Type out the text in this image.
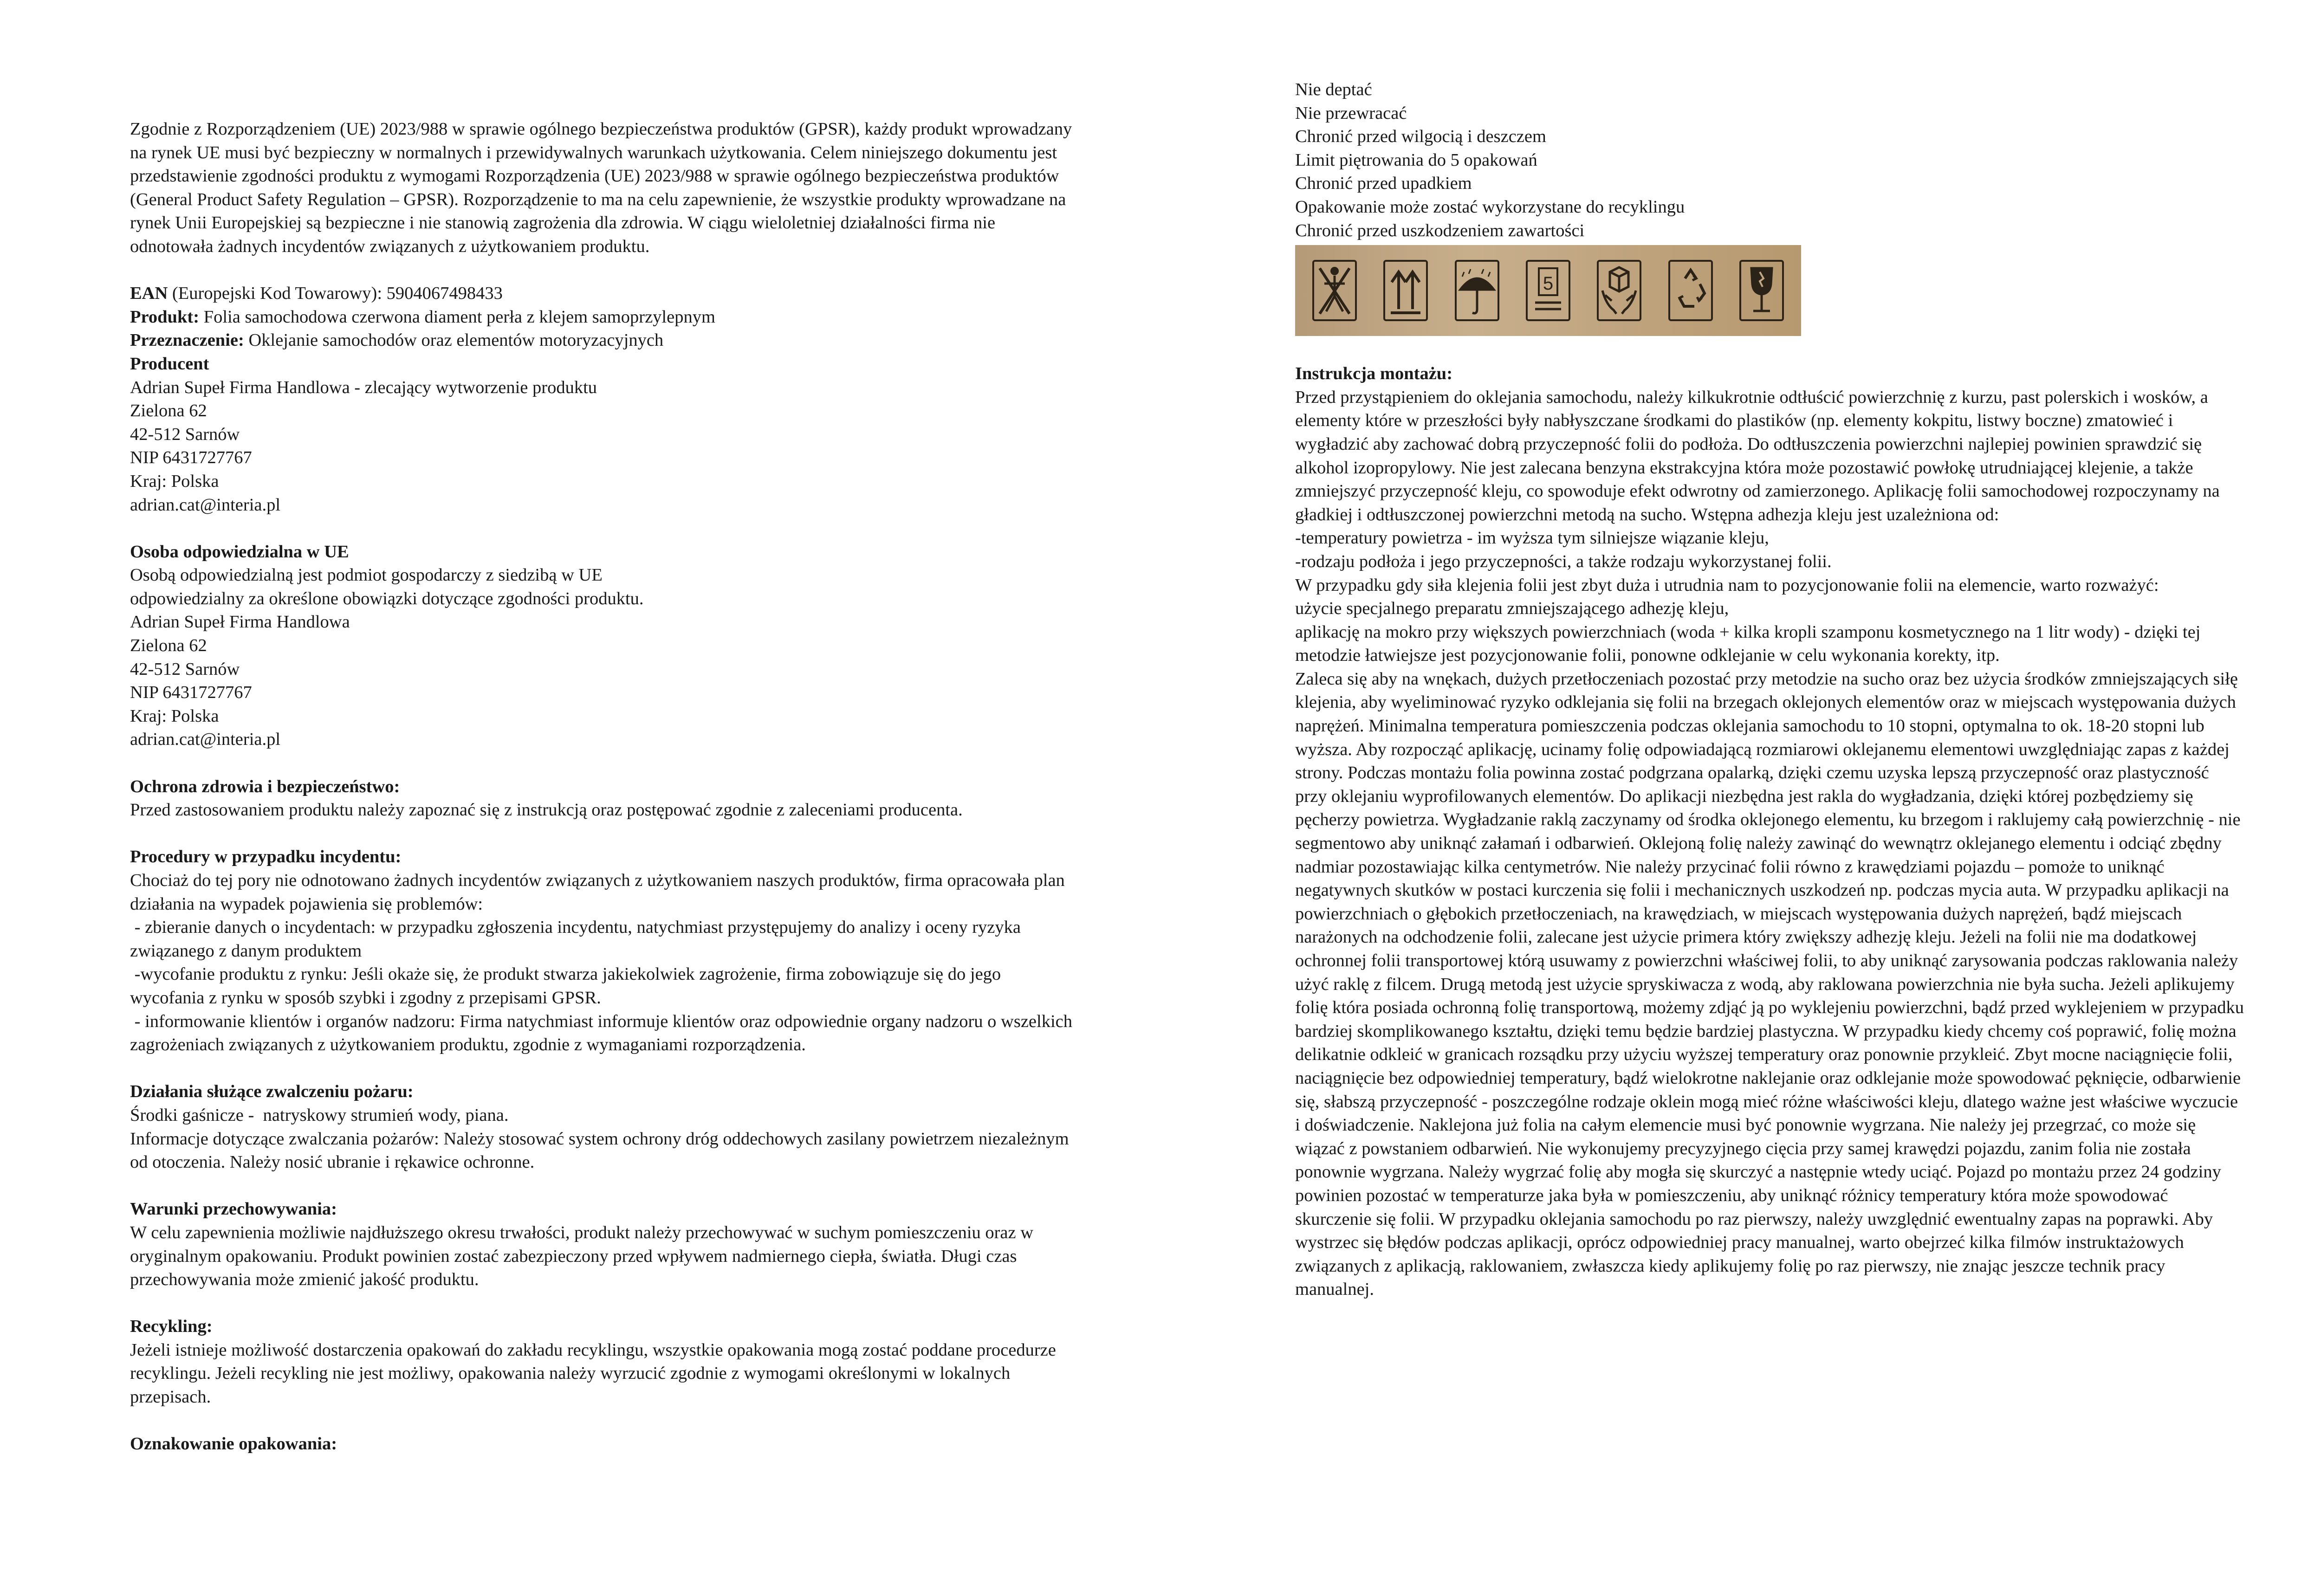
Zgodnie z Rozporządzeniem (UE) 2023/988 w sprawie ogólnego bezpieczeństwa produktów (GPSR), każdy produkt wprowadzany na rynek UE musi być bezpieczny w normalnych i przewidywalnych warunkach użytkowania. Celem niniejszego dokumentu jest przedstawienie zgodności produktu z wymogami Rozporządzenia (UE) 2023/988 w sprawie ogólnego bezpieczeństwa produktów (General Product Safety Regulation – GPSR). Rozporządzenie to ma na celu zapewnienie, że wszystkie produkty wprowadzane na rynek Unii Europejskiej są bezpieczne i nie stanowią zagrożenia dla zdrowia. W ciągu wieloletniej działalności firma nie odnotowała żadnych incydentów związanych z użytkowaniem produktu.

EAN (Europejski Kod Towarowy): 5904067498433

Produkt: Folia samochodowa czerwona diament perła z klejem samoprzylepnym

Przeznaczenie: Oklejanie samochodów oraz elementów motoryzacyjnych

Producent

Adrian Supeł Firma Handlowa - zlecający wytworzenie produktu

Zielona 62

42-512 Sarnów

NIP 6431727767

Kraj: Polska

adrian.cat@interia.pl

Osoba odpowiedzialna w UE

Osobą odpowiedzialną jest podmiot gospodarczy z siedzibą w UE

odpowiedzialny za określone obowiązki dotyczące zgodności produktu.

Adrian Supeł Firma Handlowa

Zielona 62

42-512 Sarnów

NIP 6431727767

Kraj: Polska

adrian.cat@interia.pl

Ochrona zdrowia i bezpieczeństwo:

Przed zastosowaniem produktu należy zapoznać się z instrukcją oraz postępować zgodnie z zaleceniami producenta.

Procedury w przypadku incydentu:

Chociaż do tej pory nie odnotowano żadnych incydentów związanych z użytkowaniem naszych produktów, firma opracowała plan działania na wypadek pojawienia się problemów:

- zbieranie danych o incydentach: w przypadku zgłoszenia incydentu, natychmiast przystępujemy do analizy i oceny ryzyka związanego z danym produktem

-wycofanie produktu z rynku: Jeśli okaże się, że produkt stwarza jakiekolwiek zagrożenie, firma zobowiązuje się do jego wycofania z rynku w sposób szybki i zgodny z przepisami GPSR.

- informowanie klientów i organów nadzoru: Firma natychmiast informuje klientów oraz odpowiednie organy nadzoru o wszelkich zagrożeniach związanych z użytkowaniem produktu, zgodnie z wymaganiami rozporządzenia.

Działania służące zwalczeniu pożaru:

Środki gaśnicze -  natryskowy strumień wody, piana.

Informacje dotyczące zwalczania pożarów: Należy stosować system ochrony dróg oddechowych zasilany powietrzem niezależnym od otoczenia. Należy nosić ubranie i rękawice ochronne.

Warunki przechowywania:

W celu zapewnienia możliwie najdłuższego okresu trwałości, produkt należy przechowywać w suchym pomieszczeniu oraz w oryginalnym opakowaniu. Produkt powinien zostać zabezpieczony przed wpływem nadmiernego ciepła, światła. Długi czas przechowywania może zmienić jakość produktu.

Recykling:

Jeżeli istnieje możliwość dostarczenia opakowań do zakładu recyklingu, wszystkie opakowania mogą zostać poddane procedurze recyklingu. Jeżeli recykling nie jest możliwy, opakowania należy wyrzucić zgodnie z wymogami określonymi w lokalnych przepisach.

Oznakowanie opakowania:

Nie deptać

Nie przewracać

Chronić przed wilgocią i deszczem

Limit piętrowania do 5 opakowań

Chronić przed upadkiem

Opakowanie może zostać wykorzystane do recyklingu

Chronić przed uszkodzeniem zawartości

5

Instrukcja montażu:

Przed przystąpieniem do oklejania samochodu, należy kilkukrotnie odtłuścić powierzchnię z kurzu, past polerskich i wosków, a elementy które w przeszłości były nabłyszczane środkami do plastików (np. elementy kokpitu, listwy boczne) zmatowieć i wygładzić aby zachować dobrą przyczepność folii do podłoża. Do odtłuszczenia powierzchni najlepiej powinien sprawdzić się alkohol izopropylowy. Nie jest zalecana benzyna ekstrakcyjna która może pozostawić powłokę utrudniającej klejenie, a także zmniejszyć przyczepność kleju, co spowoduje efekt odwrotny od zamierzonego. Aplikację folii samochodowej rozpoczynamy na gładkiej i odtłuszczonej powierzchni metodą na sucho. Wstępna adhezja kleju jest uzależniona od:

-temperatury powietrza - im wyższa tym silniejsze wiązanie kleju,

-rodzaju podłoża i jego przyczepności, a także rodzaju wykorzystanej folii.

W przypadku gdy siła klejenia folii jest zbyt duża i utrudnia nam to pozycjonowanie folii na elemencie, warto rozważyć:

użycie specjalnego preparatu zmniejszającego adhezję kleju,

aplikację na mokro przy większych powierzchniach (woda + kilka kropli szamponu kosmetycznego na 1 litr wody) - dzięki tej metodzie łatwiejsze jest pozycjonowanie folii, ponowne odklejanie w celu wykonania korekty, itp.

Zaleca się aby na wnękach, dużych przetłoczeniach pozostać przy metodzie na sucho oraz bez użycia środków zmniejszających siłę klejenia, aby wyeliminować ryzyko odklejania się folii na brzegach oklejonych elementów oraz w miejscach występowania dużych naprężeń. Minimalna temperatura pomieszczenia podczas oklejania samochodu to 10 stopni, optymalna to ok. 18-20 stopni lub wyższa. Aby rozpocząć aplikację, ucinamy folię odpowiadającą rozmiarowi oklejanemu elementowi uwzględniając zapas z każdej strony. Podczas montażu folia powinna zostać podgrzana opalarką, dzięki czemu uzyska lepszą przyczepność oraz plastyczność przy oklejaniu wyprofilowanych elementów. Do aplikacji niezbędna jest rakla do wygładzania, dzięki której pozbędziemy się pęcherzy powietrza. Wygładzanie raklą zaczynamy od środka oklejonego elementu, ku brzegom i raklujemy całą powierzchnię - nie segmentowo aby uniknąć załamań i odbarwień. Oklejoną folię należy zawinąć do wewnątrz oklejanego elementu i odciąć zbędny nadmiar pozostawiając kilka centymetrów. Nie należy przycinać folii równo z krawędziami pojazdu – pomoże to uniknąć negatywnych skutków w postaci kurczenia się folii i mechanicznych uszkodzeń np. podczas mycia auta. W przypadku aplikacji na powierzchniach o głębokich przetłoczeniach, na krawędziach, w miejscach występowania dużych naprężeń, bądź miejscach narażonych na odchodzenie folii, zalecane jest użycie primera który zwiększy adhezję kleju. Jeżeli na folii nie ma dodatkowej ochronnej folii transportowej którą usuwamy z powierzchni właściwej folii, to aby uniknąć zarysowania podczas raklowania należy użyć raklę z filcem. Drugą metodą jest użycie spryskiwacza z wodą, aby raklowana powierzchnia nie była sucha. Jeżeli aplikujemy folię która posiada ochronną folię transportową, możemy zdjąć ją po wyklejeniu powierzchni, bądź przed wyklejeniem w przypadku bardziej skomplikowanego kształtu, dzięki temu będzie bardziej plastyczna. W przypadku kiedy chcemy coś poprawić, folię można delikatnie odkleić w granicach rozsądku przy użyciu wyższej temperatury oraz ponownie przykleić. Zbyt mocne naciągnięcie folii, naciągnięcie bez odpowiedniej temperatury, bądź wielokrotne naklejanie oraz odklejanie może spowodować pęknięcie, odbarwienie się, słabszą przyczepność - poszczególne rodzaje oklein mogą mieć różne właściwości kleju, dlatego ważne jest właściwe wyczucie i doświadczenie. Naklejona już folia na całym elemencie musi być ponownie wygrzana. Nie należy jej przegrzać, co może się wiązać z powstaniem odbarwień. Nie wykonujemy precyzyjnego cięcia przy samej krawędzi pojazdu, zanim folia nie została ponownie wygrzana. Należy wygrzać folię aby mogła się skurczyć a następnie wtedy uciąć. Pojazd po montażu przez 24 godziny powinien pozostać w temperaturze jaka była w pomieszczeniu, aby uniknąć różnicy temperatury która może spowodować skurczenie się folii. W przypadku oklejania samochodu po raz pierwszy, należy uwzględnić ewentualny zapas na poprawki. Aby wystrzec się błędów podczas aplikacji, oprócz odpowiedniej pracy manualnej, warto obejrzeć kilka filmów instruktażowych związanych z aplikacją, raklowaniem, zwłaszcza kiedy aplikujemy folię po raz pierwszy, nie znając jeszcze technik pracy manualnej.
